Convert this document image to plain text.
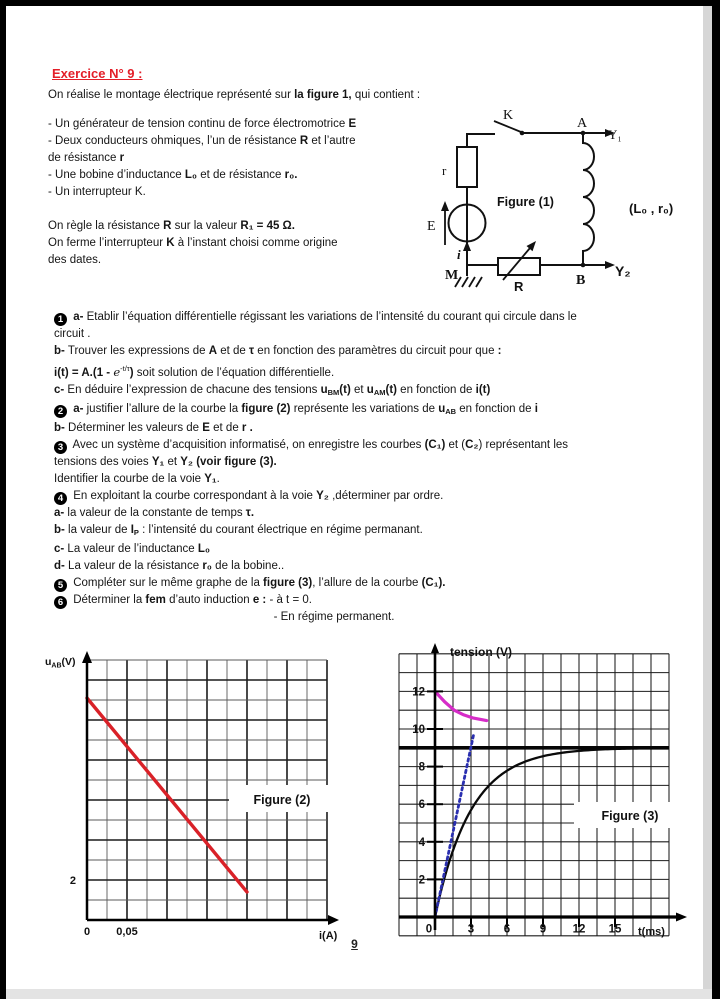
Exercice N° 9 :
On réalise le montage électrique représenté sur la figure 1, qui contient :
- Un générateur de tension continu de force électromotrice E
- Deux conducteurs ohmiques, l’un de résistance R et l’autre
de résistance r
- Une bobine d’inductance L₀ et de résistance r₀.
- Un interrupteur K.
On règle la résistance R sur la valeur R₁ = 45 Ω.
On ferme l’interrupteur K à l’instant choisi comme origine
des dates.
1 a- Etablir l’équation différentielle régissant les variations de l’intensité du courant qui circule dans le
circuit .
b- Trouver les expressions de A et de τ en fonction des paramètres du circuit pour que :
$i(t) = A.(1 - e^{-t/\tau})$ soit solution de l’équation différentielle.
c- En déduire l’expression de chacune des tensions $u_{BM}(t)$ et $u_{AM}(t)$ en fonction de i(t)
2 a- justifier l’allure de la courbe la figure (2) représente les variations de $u_{AB}$ en fonction de i
b- Déterminer les valeurs de E et de r .
3 Avec un système d’acquisition informatisé, on enregistre les courbes (C₁) et (C₂) représentant les
tensions des voies Y₁ et Y₂ (voir figure (3).
Identifier la courbe de la voie Y₁.
4 En exploitant la courbe correspondant à la voie Y₂ ,déterminer par ordre.
a- la valeur de la constante de temps τ.
b- la valeur de $I_P$ : l’intensité du courant électrique en régime permanant.
c- La valeur de l’inductance L₀
d- La valeur de la résistance r₀ de la bobine..
5 Compléter sur le même graphe de la figure (3), l’allure de la courbe (C₁).
6 Déterminer la fem d’auto induction e : - à t = 0.
- En régime permanent.
K
A
Y₁
r
E
i
M
R	B
Y₂
(L₀ , r₀)
Figure (1)
0 0,05
2
$u_{AB}(V)$
i(A)
Figure (2)
2
4
6
8
10
12
0	3	6	9 12 15
tension (V)
t(ms)
Figure (3)
9
